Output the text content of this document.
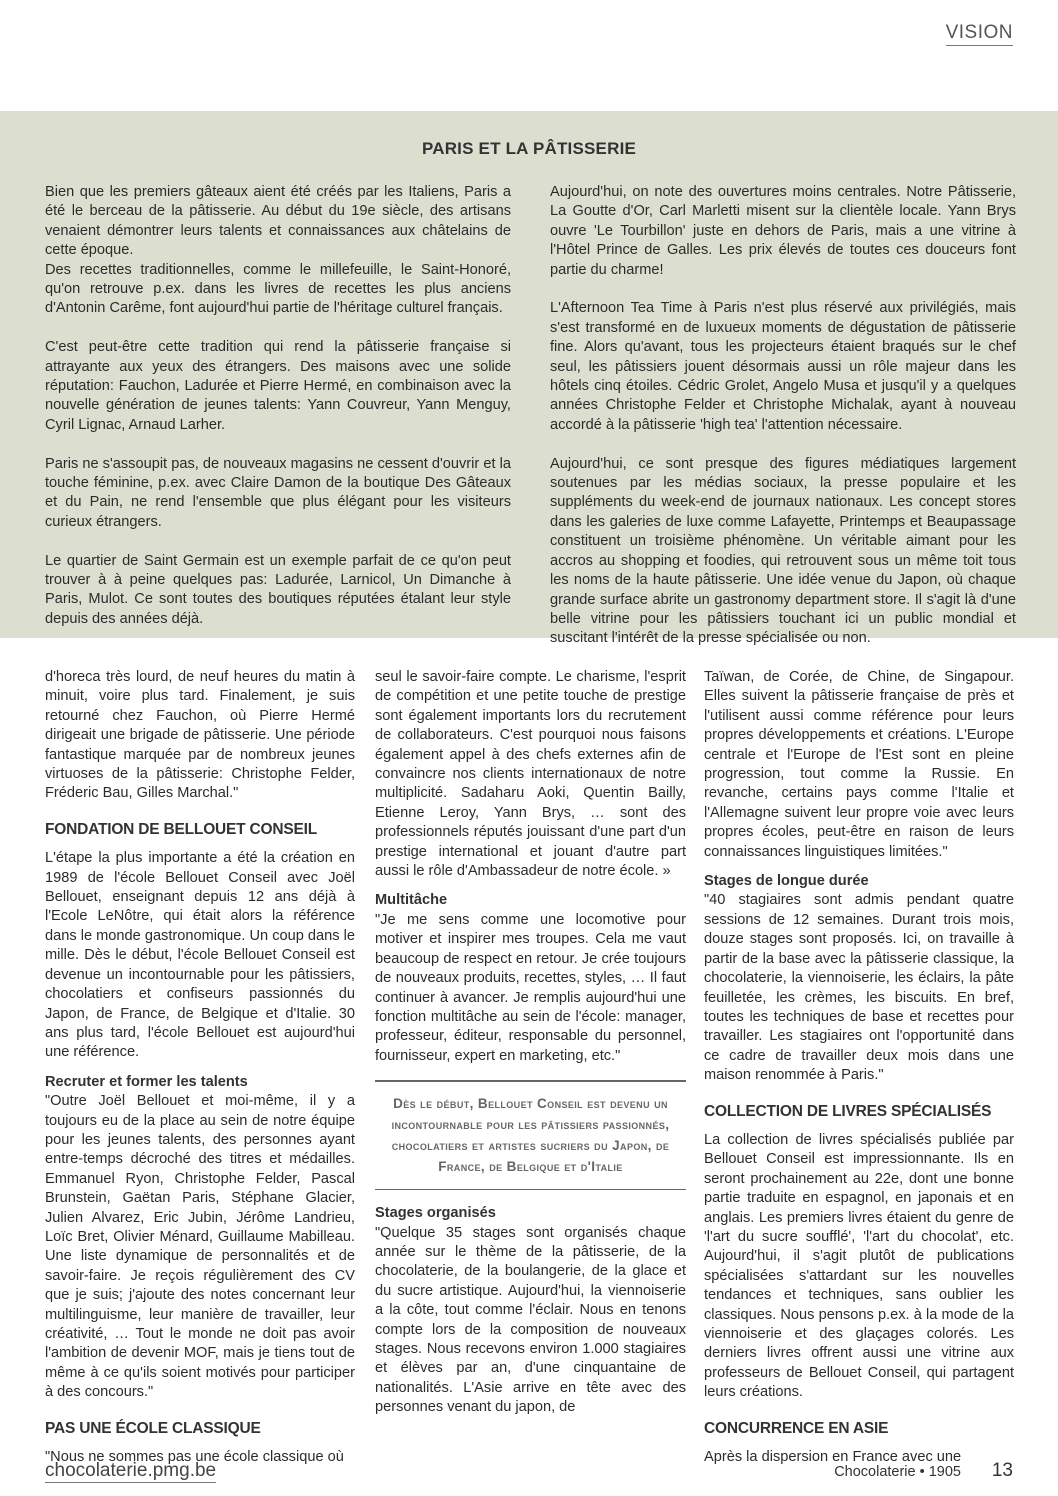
VISION
PARIS ET LA PÂTISSERIE

Bien que les premiers gâteaux aient été créés par les Italiens, Paris a été le berceau de la pâtisserie. Au début du 19e siècle, des artisans venaient démontrer leurs talents et connaissances aux châtelains de cette époque.

Des recettes traditionnelles, comme le millefeuille, le Saint-Honoré, qu'on retrouve p.ex. dans les livres de recettes les plus anciens d'Antonin Carême, font aujourd'hui partie de l'héritage culturel français.

C'est peut-être cette tradition qui rend la pâtisserie française si attrayante aux yeux des étrangers. Des maisons avec une solide réputation: Fauchon, Ladurée et Pierre Hermé, en combinaison avec la nouvelle génération de jeunes talents: Yann Couvreur, Yann Menguy, Cyril Lignac, Arnaud Larher.

Paris ne s'assoupit pas, de nouveaux magasins ne cessent d'ouvrir et la touche féminine, p.ex. avec Claire Damon de la boutique Des Gâteaux et du Pain, ne rend l'ensemble que plus élégant pour les visiteurs curieux étrangers.

Le quartier de Saint Germain est un exemple parfait de ce qu'on peut trouver à à peine quelques pas: Ladurée, Larnicol, Un Dimanche à Paris, Mulot. Ce sont toutes des boutiques réputées étalant leur style depuis des années déjà.

Aujourd'hui, on note des ouvertures moins centrales. Notre Pâtisserie, La Goutte d'Or, Carl Marletti misent sur la clientèle locale. Yann Brys ouvre 'Le Tourbillon' juste en dehors de Paris, mais a une vitrine à l'Hôtel Prince de Galles. Les prix élevés de toutes ces douceurs font partie du charme!

L'Afternoon Tea Time à Paris n'est plus réservé aux privilégiés, mais s'est transformé en de luxueux moments de dégustation de pâtisserie fine. Alors qu'avant, tous les projecteurs étaient braqués sur le chef seul, les pâtissiers jouent désormais aussi un rôle majeur dans les hôtels cinq étoiles. Cédric Grolet, Angelo Musa et jusqu'il y a quelques années Christophe Felder et Christophe Michalak, ayant à nouveau accordé à la pâtisserie 'high tea' l'attention nécessaire.

Aujourd'hui, ce sont presque des figures médiatiques largement soutenues par les médias sociaux, la presse populaire et les suppléments du week-end de journaux nationaux. Les concept stores dans les galeries de luxe comme Lafayette, Printemps et Beaupassage constituent un troisième phénomène. Un véritable aimant pour les accros au shopping et foodies, qui retrouvent sous un même toit tous les noms de la haute pâtisserie. Une idée venue du Japon, où chaque grande surface abrite un gastronomy department store. Il s'agit là d'une belle vitrine pour les pâtissiers touchant ici un public mondial et suscitant l'intérêt de la presse spécialisée ou non.

d'horeca très lourd, de neuf heures du matin à minuit, voire plus tard. Finalement, je suis retourné chez Fauchon, où Pierre Hermé dirigeait une brigade de pâtisserie. Une période fantastique marquée par de nombreux jeunes virtuoses de la pâtisserie: Christophe Felder, Fréderic Bau, Gilles Marchal."

FONDATION DE BELLOUET CONSEIL

L'étape la plus importante a été la création en 1989 de l'école Bellouet Conseil avec Joël Bellouet, enseignant depuis 12 ans déjà à l'Ecole LeNôtre, qui était alors la référence dans le monde gastronomique. Un coup dans le mille. Dès le début, l'école Bellouet Conseil est devenue un incontournable pour les pâtissiers, chocolatiers et confiseurs passionnés du Japon, de France, de Belgique et d'Italie. 30 ans plus tard, l'école Bellouet est aujourd'hui une référence.

Recruter et former les talents

"Outre Joël Bellouet et moi-même, il y a toujours eu de la place au sein de notre équipe pour les jeunes talents, des personnes ayant entre-temps décroché des titres et médailles. Emmanuel Ryon, Christophe Felder, Pascal Brunstein, Gaëtan Paris, Stéphane Glacier, Julien Alvarez, Eric Jubin, Jérôme Landrieu, Loïc Bret, Olivier Ménard, Guillaume Mabilleau. Une liste dynamique de personnalités et de savoir-faire. Je reçois régulièrement des CV que je suis; j'ajoute des notes concernant leur multilinguisme, leur manière de travailler, leur créativité, … Tout le monde ne doit pas avoir l'ambition de devenir MOF, mais je tiens tout de même à ce qu'ils soient motivés pour participer à des concours."

PAS UNE ÉCOLE CLASSIQUE

"Nous ne sommes pas une école classique où

seul le savoir-faire compte. Le charisme, l'esprit de compétition et une petite touche de prestige sont également importants lors du recrutement de collaborateurs. C'est pourquoi nous faisons également appel à des chefs externes afin de convaincre nos clients internationaux de notre multiplicité. Sadaharu Aoki, Quentin Bailly, Etienne Leroy, Yann Brys, … sont des professionnels réputés jouissant d'une part d'un prestige international et jouant d'autre part aussi le rôle d'Ambassadeur de notre école. »

Multitâche

"Je me sens comme une locomotive pour motiver et inspirer mes troupes. Cela me vaut beaucoup de respect en retour. Je crée toujours de nouveaux produits, recettes, styles, … Il faut continuer à avancer. Je remplis aujourd'hui une fonction multitâche au sein de l'école: manager, professeur, éditeur, responsable du personnel, fournisseur, expert en marketing, etc."

Dès le début, Bellouet Conseil est devenu un incontournable pour les pâtissiers passionnés, chocolatiers et artistes sucriers du Japon, de France, de Belgique et d'Italie
Stages organisés

"Quelque 35 stages sont organisés chaque année sur le thème de la pâtisserie, de la chocolaterie, de la boulangerie, de la glace et du sucre artistique. Aujourd'hui, la viennoiserie a la côte, tout comme l'éclair. Nous en tenons compte lors de la composition de nouveaux stages. Nous recevons environ 1.000 stagiaires et élèves par an, d'une cinquantaine de nationalités. L'Asie arrive en tête avec des personnes venant du japon, de

Taïwan, de Corée, de Chine, de Singapour. Elles suivent la pâtisserie française de près et l'utilisent aussi comme référence pour leurs propres développements et créations. L'Europe centrale et l'Europe de l'Est sont en pleine progression, tout comme la Russie. En revanche, certains pays comme l'Italie et l'Allemagne suivent leur propre voie avec leurs propres écoles, peut-être en raison de leurs connaissances linguistiques limitées."

Stages de longue durée

"40 stagiaires sont admis pendant quatre sessions de 12 semaines. Durant trois mois, douze stages sont proposés. Ici, on travaille à partir de la base avec la pâtisserie classique, la chocolaterie, la viennoiserie, les éclairs, la pâte feuilletée, les crèmes, les biscuits. En bref, toutes les techniques de base et recettes pour travailler. Les stagiaires ont l'opportunité dans ce cadre de travailler deux mois dans une maison renommée à Paris."

COLLECTION DE LIVRES SPÉCIALISÉS

La collection de livres spécialisés publiée par Bellouet Conseil est impressionnante. Ils en seront prochainement au 22e, dont une bonne partie traduite en espagnol, en japonais et en anglais. Les premiers livres étaient du genre de 'l'art du sucre soufflé', 'l'art du chocolat', etc. Aujourd'hui, il s'agit plutôt de publications spécialisées s'attardant sur les nouvelles tendances et techniques, sans oublier les classiques. Nous pensons p.ex. à la mode de la viennoiserie et des glaçages colorés. Les derniers livres offrent aussi une vitrine aux professeurs de Bellouet Conseil, qui partagent leurs créations.

CONCURRENCE EN ASIE

Après la dispersion en France avec une

chocolaterie.pmg.be	Chocolaterie • 1905 13
